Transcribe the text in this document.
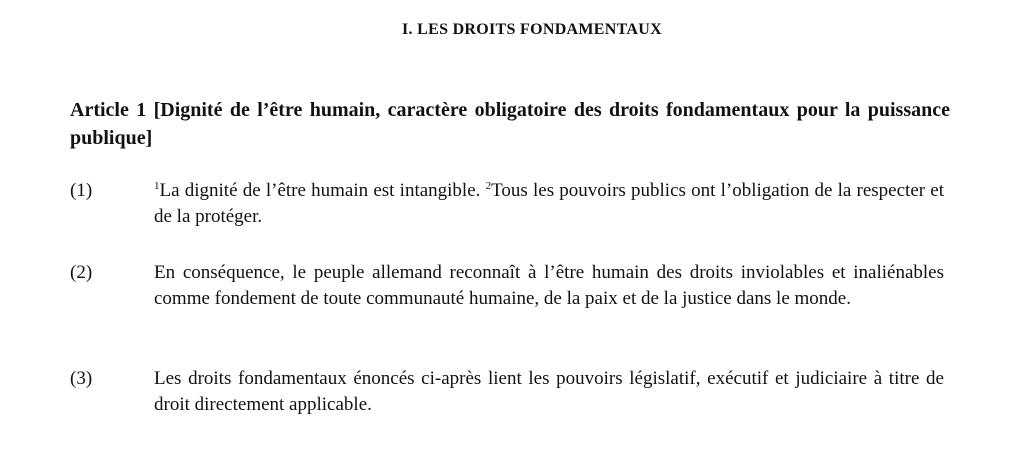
I. LES DROITS FONDAMENTAUX
Article 1 [Dignité de l’être humain, caractère obligatoire des droits fondamentaux pour la puissance publique]
(1)	$^1$La dignité de l’être humain est intangible. $^2$Tous les pouvoirs publics ont l’obligation de la respecter et de la protéger.
(2)	En conséquence, le peuple allemand reconnaît à l’être humain des droits inviolables et inaliénables comme fondement de toute communauté humaine, de la paix et de la justice dans le monde.
(3)	Les droits fondamentaux énoncés ci-après lient les pouvoirs législatif, exécutif et judiciaire à titre de droit directement applicable.
